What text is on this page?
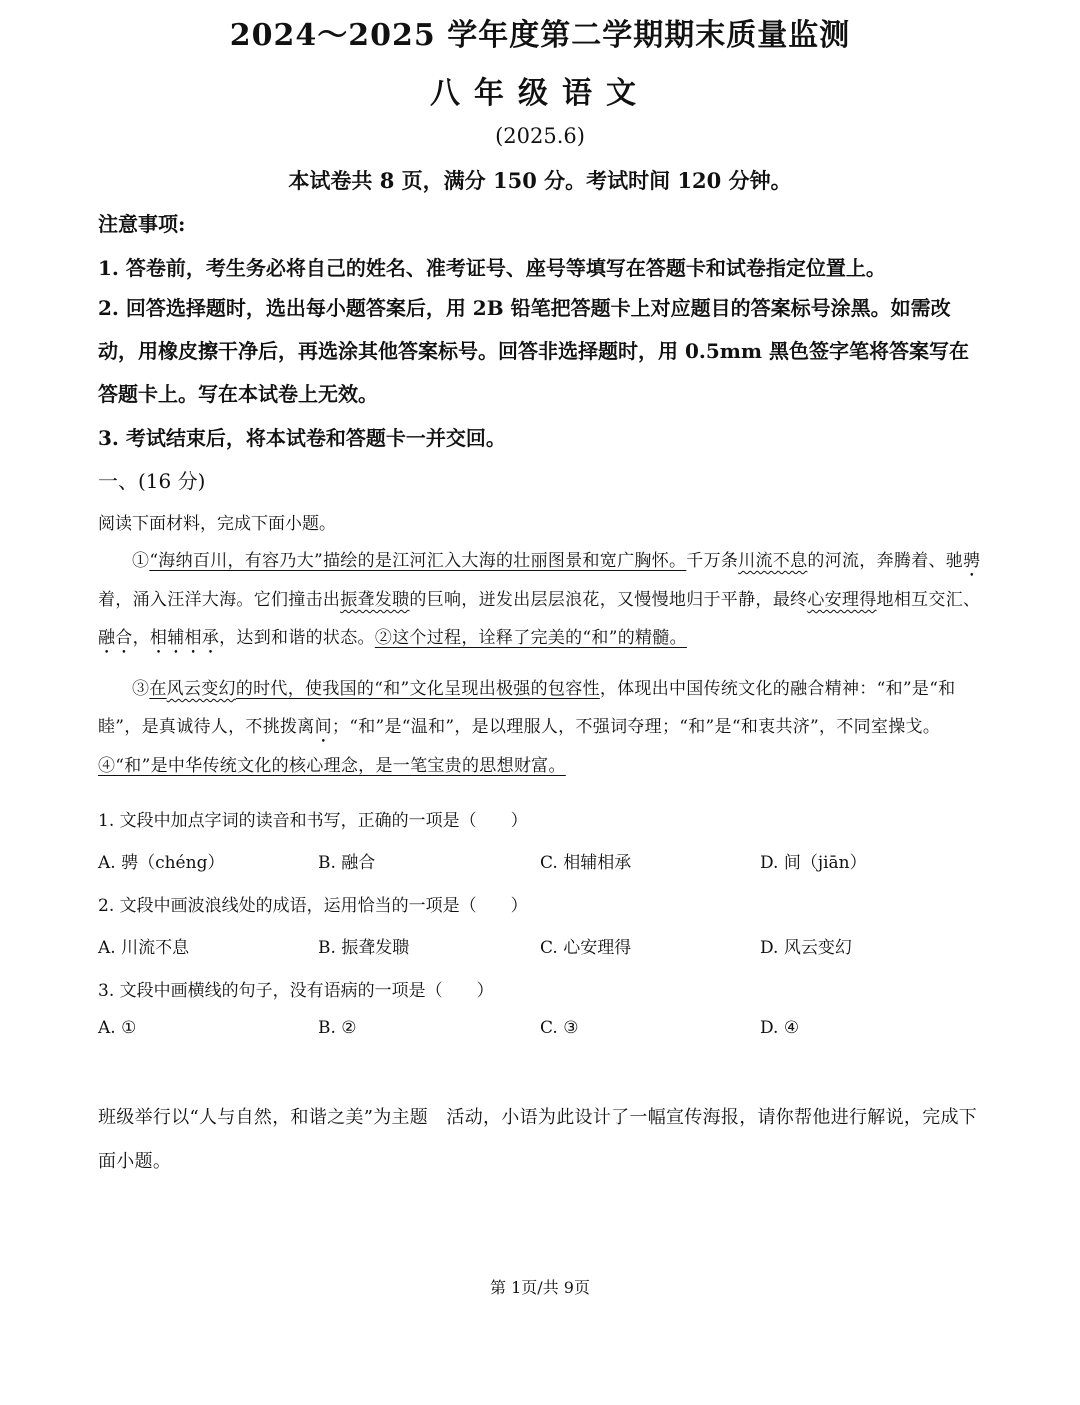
2024～2025 学年度第二学期期末质量监测
八年级语文
(2025.6)
本试卷共 8 页，满分 150 分。考试时间 120 分钟。
注意事项:
1. 答卷前，考生务必将自己的姓名、准考证号、座号等填写在答题卡和试卷指定位置上。
2. 回答选择题时，选出每小题答案后，用 2B 铅笔把答题卡上对应题目的答案标号涂黑。如需改动，用橡皮擦干净后，再选涂其他答案标号。回答非选择题时，用 0.5mm 黑色签字笔将答案写在答题卡上。写在本试卷上无效。
3. 考试结束后，将本试卷和答题卡一并交回。
一、(16 分)
阅读下面材料，完成下面小题。
①“海纳百川，有容乃大”描绘的是江河汇入大海的壮丽图景和宽广胸怀。千万条川流不息的河流，奔腾着、驰骋着，涌入汪洋大海。它们撞击出振聋发聩的巨响，迸发出层层浪花，又慢慢地归于平静，最终心安理得地相互交汇、融合，相辅相承，达到和谐的状态。②这个过程，诠释了完美的“和”的精髓。
③在风云变幻的时代，使我国的“和”文化呈现出极强的包容性，体现出中国传统文化的融合精神：“和”是“和睦”，是真诚待人，不挑拨离间；“和”是“温和”，是以理服人，不强词夺理；“和”是“和衷共济”，不同室操戈。④“和”是中华传统文化的核心理念，是一笔宝贵的思想财富。
1. 文段中加点字词的读音和书写，正确的一项是（　　）
A. 骋（chéng）	B. 融合	C. 相辅相承	D. 间（jiān）
2. 文段中画波浪线处的成语，运用恰当的一项是（　　）
A. 川流不息	B. 振聋发聩	C. 心安理得	D. 风云变幻
3. 文段中画横线的句子，没有语病的一项是（　　）
A. ①	B. ②	C. ③	D. ④
班级举行以“人与自然，和谐之美”为主题　活动，小语为此设计了一幅宣传海报，请你帮他进行解说，完成下面小题。
第 1页/共 9页
